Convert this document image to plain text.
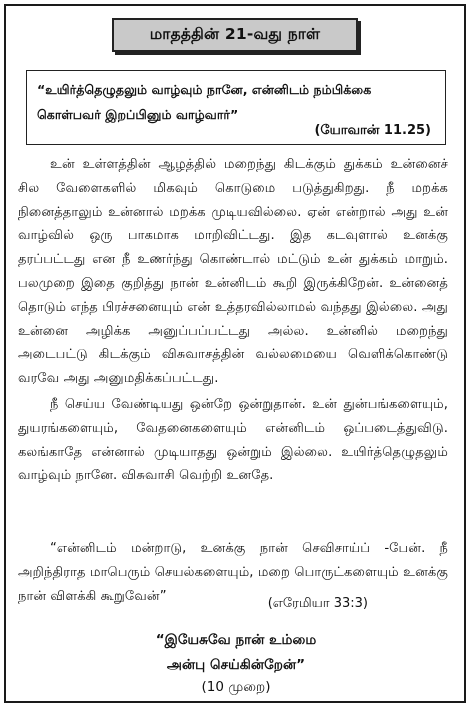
மாதத்தின் 21-வது நாள்

“உயிர்த்தெழுதலும் வாழ்வும் நானே, என்னிடம் நம்பிக்கை கொள்பவர் இறப்பினும் வாழ்வார்”

(யோவான் 11.25)

உன் உள்ளத்தின் ஆழத்தில் மறைந்து கிடக்கும் துக்கம் உன்னைச் சில வேளைகளில் மிகவும் கொடுமை படுத்துகிறது. நீ மறக்க நினைத்தாலும் உன்னால் மறக்க முடியவில்லை. ஏன் என்றால் அது உன் வாழ்வில் ஒரு பாகமாக மாறிவிட்டது. இத கடவுளால் உனக்கு தரப்பட்டது என நீ உணர்ந்து கொண்டால் மட்டும் உன் துக்கம் மாறும். பலமுறை இதை குறித்து நான் உன்னிடம் கூறி இருக்கிறேன். உன்னைத் தொடும் எந்த பிரச்சனையும் என் உத்தரவில்லாமல் வந்தது இல்லை. அது உன்னை அழிக்க அனுப்பப்பட்டது அல்ல. உன்னில் மறைந்து அடைபட்டு கிடக்கும் விசுவாசத்தின் வல்லமையை வெளிக்கொண்டு வரவே அது அனுமதிக்கப்பட்டது.

நீ செய்ய வேண்டியது ஒன்றே ஒன்றுதான். உன் துன்பங்களையும், துயரங்களையும், வேதனைகளையும் என்னிடம் ஒப்படைத்துவிடு. கலங்காதே என்னால் முடியாதது ஒன்றும் இல்லை. உயிர்த்தெழுதலும் வாழ்வும் நானே. விசுவாசி வெற்றி உனதே.

“என்னிடம் மன்றாடு, உனக்கு நான் செவிசாய்ப் -பேன். நீ அறிந்திராத மாபெரும் செயல்களையும், மறை பொருட்களையும் உனக்கு நான் விளக்கி கூறுவேன்”	(எரேமியா 33:3)
“இயேசுவே நான் உம்மை
அன்பு செய்கின்றேன்”
(10 முறை)
